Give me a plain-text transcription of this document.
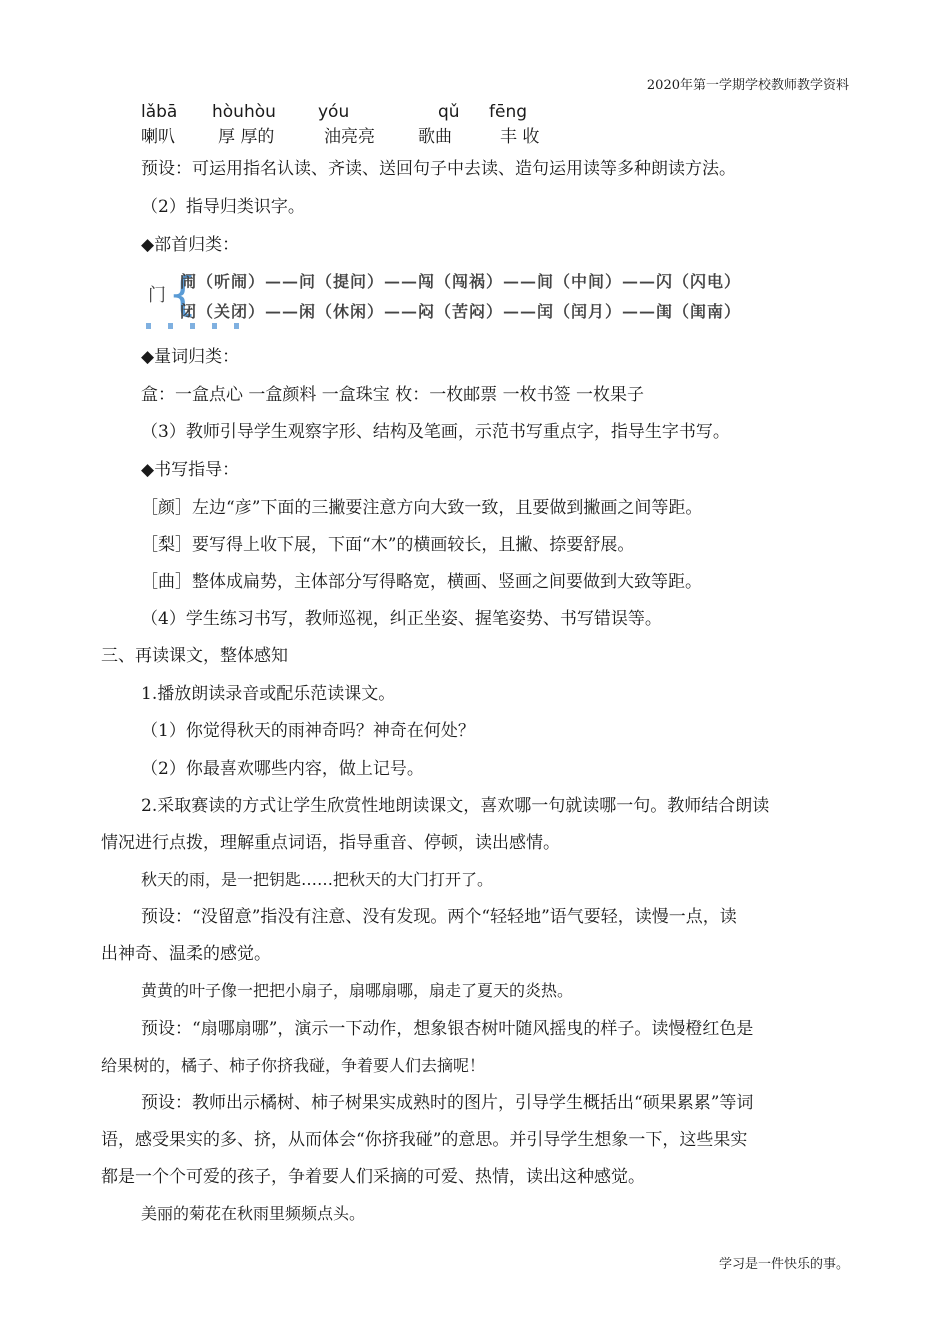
2020年第一学期学校教师教学资料
lǎbā
喇叭
hòuhòu
厚 厚的
yóu
油亮亮
qǔ
歌曲
fēng
丰 收
预设：可运用指名认读、齐读、送回句子中去读、造句运用读等多种朗读方法。
（2）指导归类识字。
◆部首归类：
门 {
闹（听闹）——问（提问）——闯（闯祸）——间（中间）——闪（闪电）
闭（关闭）——闲（休闲）——闷（苦闷）——闰（闰月）——闺（闺南）
◆量词归类：
盒：一盒点心 一盒颜料 一盒珠宝 枚：一枚邮票 一枚书签 一枚果子
（3）教师引导学生观察字形、结构及笔画，示范书写重点字，指导生字书写。
◆书写指导：
［颜］左边“彦”下面的三撇要注意方向大致一致，且要做到撇画之间等距。
［梨］要写得上收下展，下面“木”的横画较长，且撇、捺要舒展。
［曲］整体成扁势，主体部分写得略宽，横画、竖画之间要做到大致等距。
（4）学生练习书写，教师巡视，纠正坐姿、握笔姿势、书写错误等。
三、再读课文，整体感知
1.播放朗读录音或配乐范读课文。
（1）你觉得秋天的雨神奇吗？神奇在何处？
（2）你最喜欢哪些内容，做上记号。
2.采取赛读的方式让学生欣赏性地朗读课文，喜欢哪一句就读哪一句。教师结合朗读
情况进行点拨，理解重点词语，指导重音、停顿，读出感情。
秋天的雨，是一把钥匙……把秋天的大门打开了。
预设：“没留意”指没有注意、没有发现。两个“轻轻地”语气要轻，读慢一点，读
出神奇、温柔的感觉。
黄黄的叶子像一把把小扇子，扇哪扇哪，扇走了夏天的炎热。
预设：“扇哪扇哪”，演示一下动作，想象银杏树叶随风摇曳的样子。读慢橙红色是
给果树的，橘子、柿子你挤我碰，争着要人们去摘呢！
预设：教师出示橘树、柿子树果实成熟时的图片，引导学生概括出“硕果累累”等词
语，感受果实的多、挤，从而体会“你挤我碰”的意思。并引导学生想象一下，这些果实
都是一个个可爱的孩子，争着要人们采摘的可爱、热情，读出这种感觉。
美丽的菊花在秋雨里频频点头。
学习是一件快乐的事。
